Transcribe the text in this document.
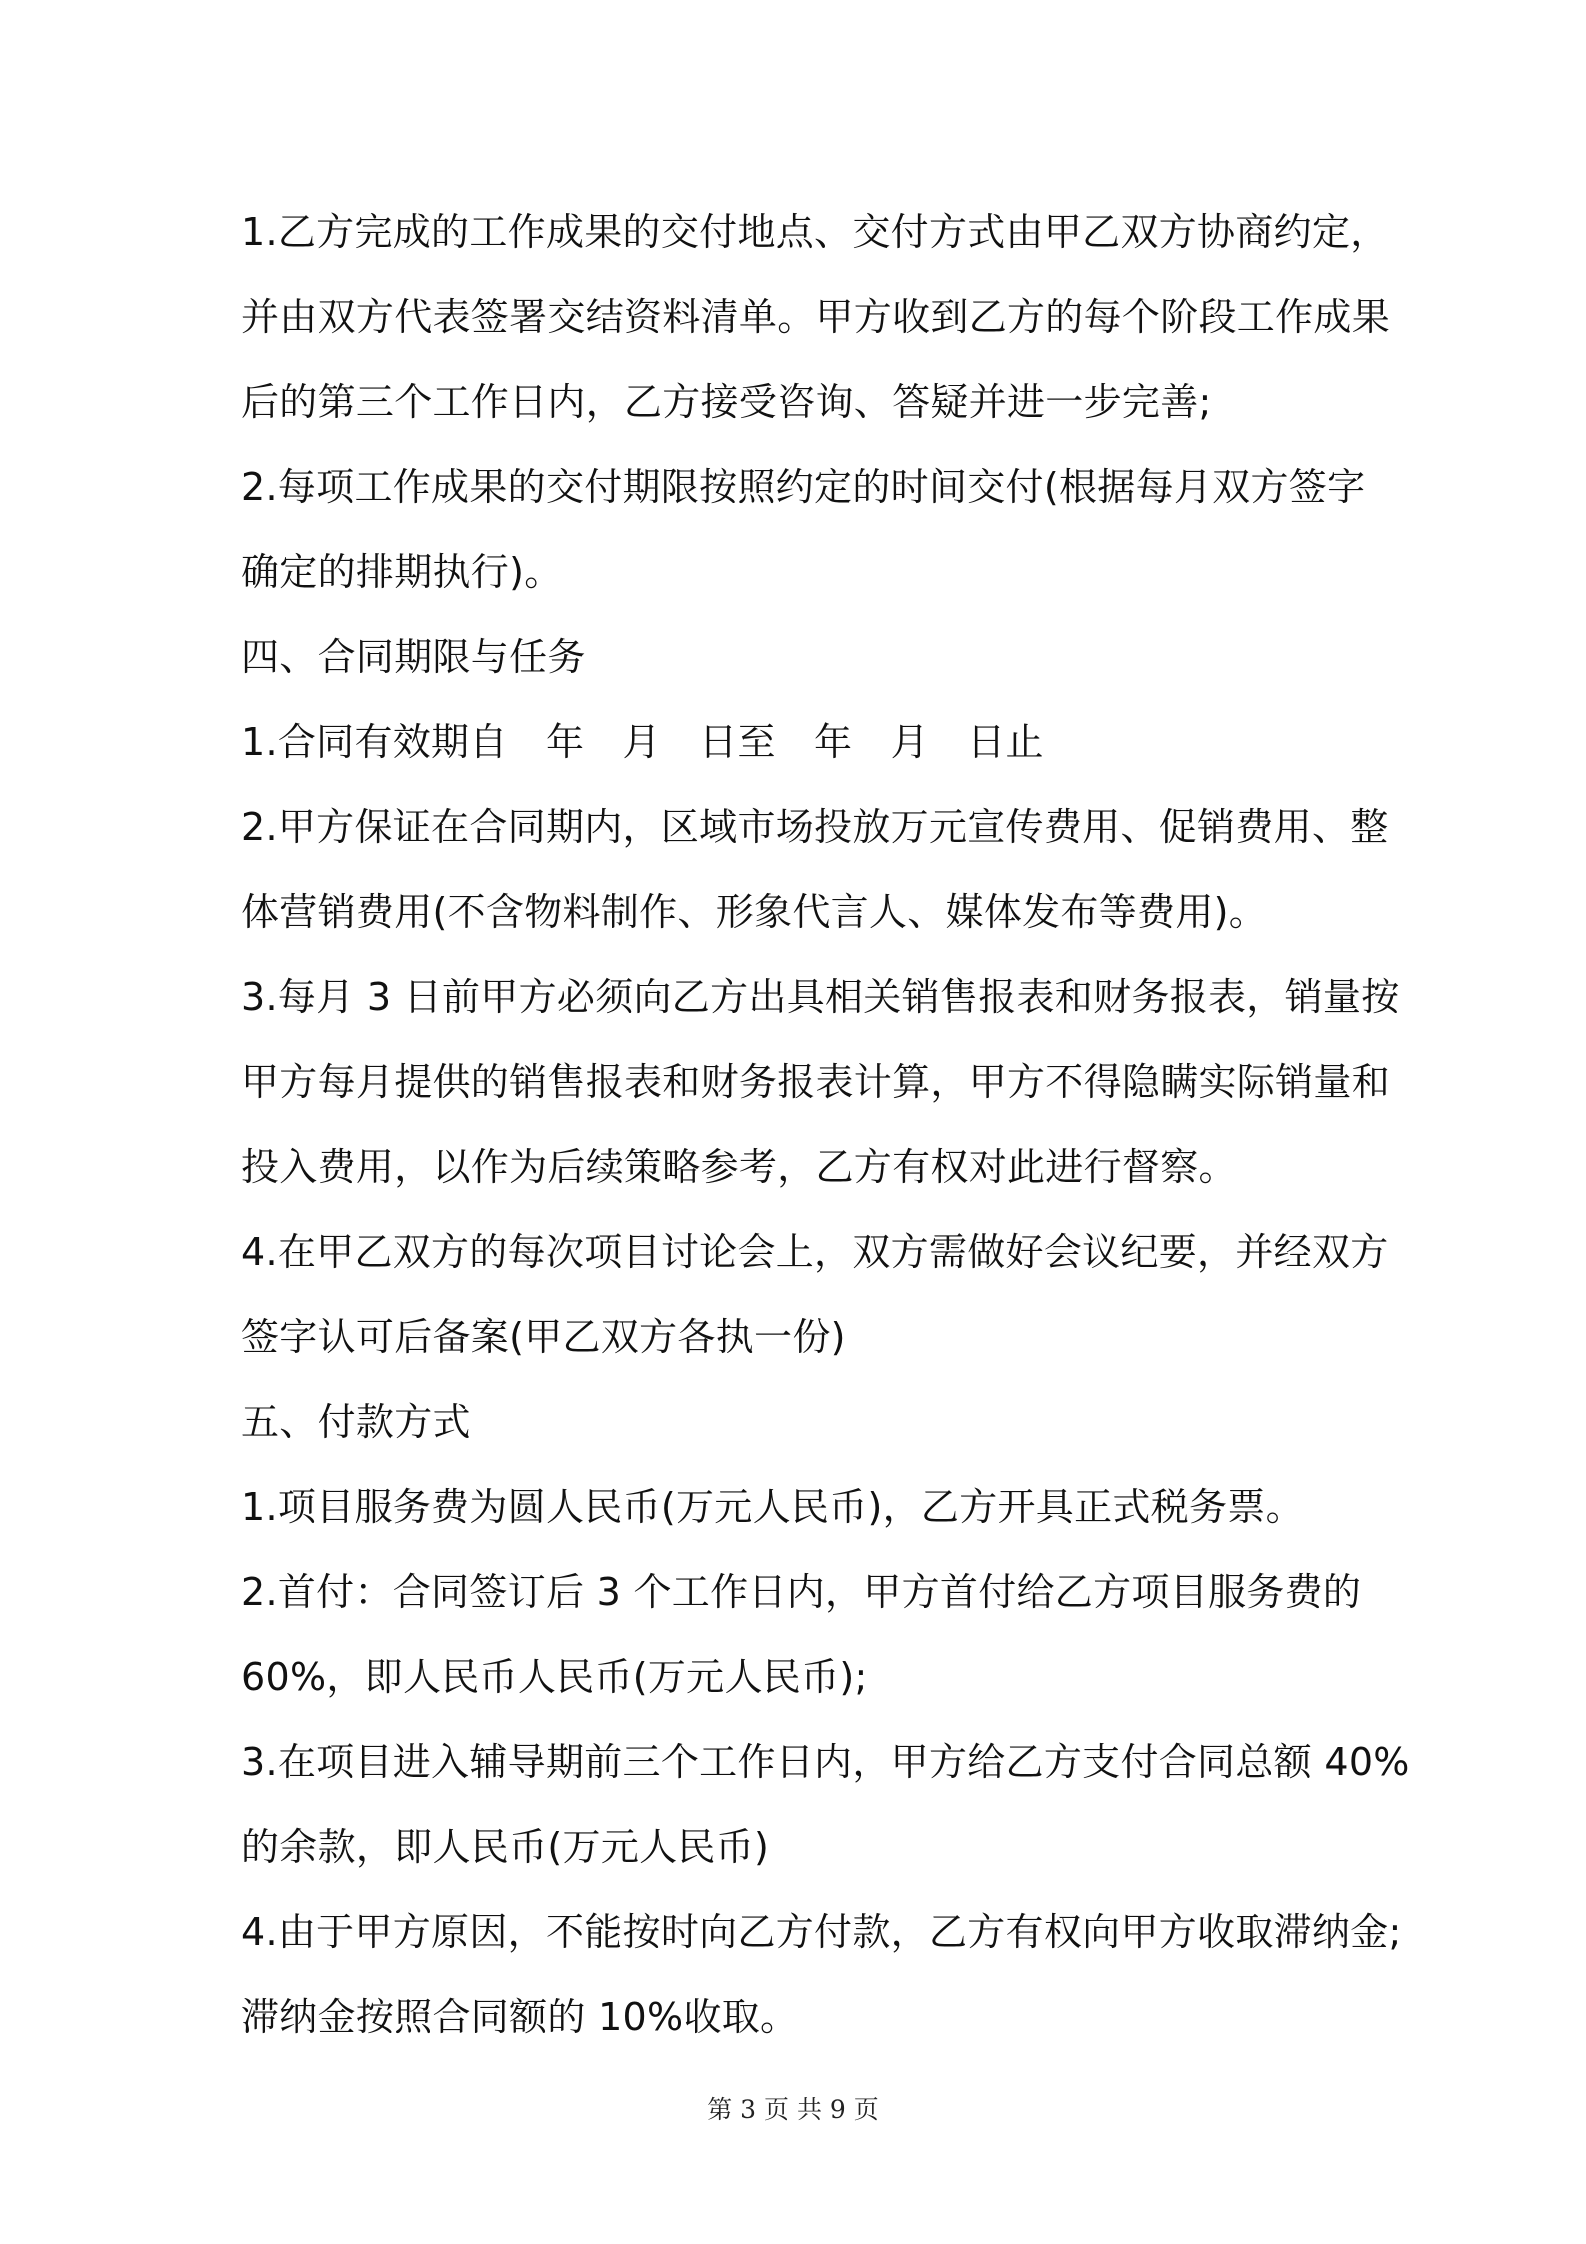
1.乙方完成的工作成果的交付地点、交付方式由甲乙双方协商约定，
并由双方代表签署交结资料清单。甲方收到乙方的每个阶段工作成果
后的第三个工作日内，乙方接受咨询、答疑并进一步完善;
2.每项工作成果的交付期限按照约定的时间交付(根据每月双方签字
确定的排期执行)。
四、合同期限与任务
1.合同有效期自　年　月　日至　年　月　日止
2.甲方保证在合同期内，区域市场投放万元宣传费用、促销费用、整
体营销费用(不含物料制作、形象代言人、媒体发布等费用)。
3.每月 3 日前甲方必须向乙方出具相关销售报表和财务报表，销量按
甲方每月提供的销售报表和财务报表计算，甲方不得隐瞒实际销量和
投入费用，以作为后续策略参考，乙方有权对此进行督察。
4.在甲乙双方的每次项目讨论会上，双方需做好会议纪要，并经双方
签字认可后备案(甲乙双方各执一份)
五、付款方式
1.项目服务费为圆人民币(万元人民币)，乙方开具正式税务票。
2.首付：合同签订后 3 个工作日内，甲方首付给乙方项目服务费的
60%，即人民币人民币(万元人民币);
3.在项目进入辅导期前三个工作日内，甲方给乙方支付合同总额 40%
的余款，即人民币(万元人民币)
4.由于甲方原因，不能按时向乙方付款，乙方有权向甲方收取滞纳金;
滞纳金按照合同额的 10%收取。
第 3 页 共 9 页
